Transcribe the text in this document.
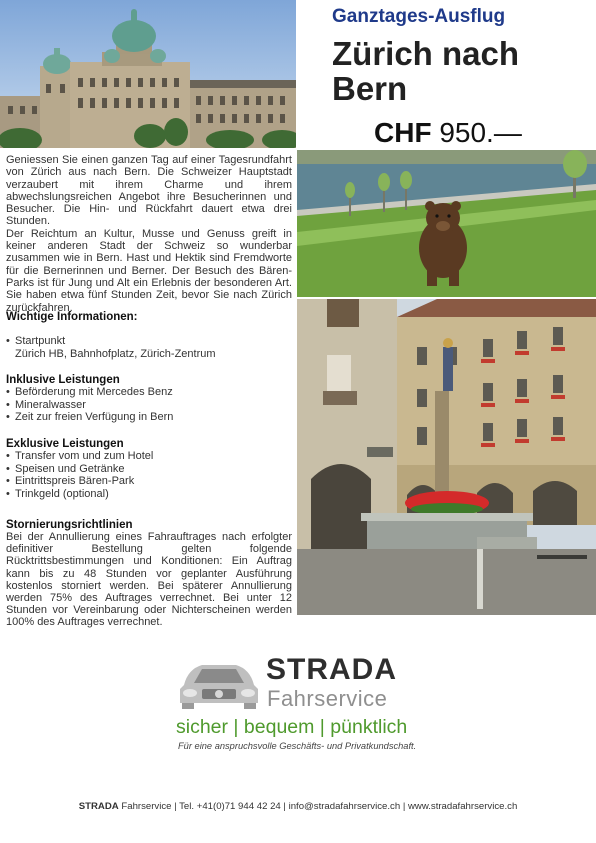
Ganztages-Ausflug
Zürich nach
Bern
CHF 950.—

Geniessen Sie einen ganzen Tag auf einer Tagesrundfahrt von Zürich aus nach Bern. Die Schweizer Hauptstadt verzaubert mit ihrem Charme und ihrem abwechslungsreichen Angebot ihre Besucherinnen und Besucher. Die Hin- und Rückfahrt dauert etwa drei Stunden.

Der Reichtum an Kultur, Musse und Genuss greift in keiner anderen Stadt der Schweiz so wunderbar zusammen wie in Bern. Hast und Hektik sind Fremdworte für die Bernerinnen und Berner. Der Besuch des Bären-Parks ist für Jung und Alt ein Erlebnis der besonderen Art. Sie haben etwa fünf Stunden Zeit, bevor Sie nach Zürich zurückfahren.

Wichtige Informationen:
• Startpunkt
Zürich HB, Bahnhofplatz, Zürich-Zentrum
Inklusive Leistungen
• Beförderung mit Mercedes Benz
• Mineralwasser
• Zeit zur freien Verfügung in Bern
Exklusive Leistungen
• Transfer vom und zum Hotel
• Speisen und Getränke
• Eintrittspreis Bären-Park
• Trinkgeld (optional)
Stornierungsrichtlinien
Bei der Annullierung eines Fahrauftrages nach erfolgter definitiver Bestellung gelten folgende Rücktrittsbestimmungen und Konditionen: Ein Auftrag kann bis zu 48 Stunden vor geplanter Ausführung kostenlos storniert werden. Bei späterer Annullierung werden 75% des Auftrages verrechnet. Bei unter 12 Stunden vor Vereinbarung oder Nichterscheinen werden 100% des Auftrages verrechnet.
STRADA
Fahrservice
sicher | bequem | pünktlich
Für eine anspruchsvolle Geschäfts- und Privatkundschaft.
STRADA Fahrservice | Tel. +41(0)71 944 42 24 | info@stradafahrservice.ch | www.stradafahrservice.ch
